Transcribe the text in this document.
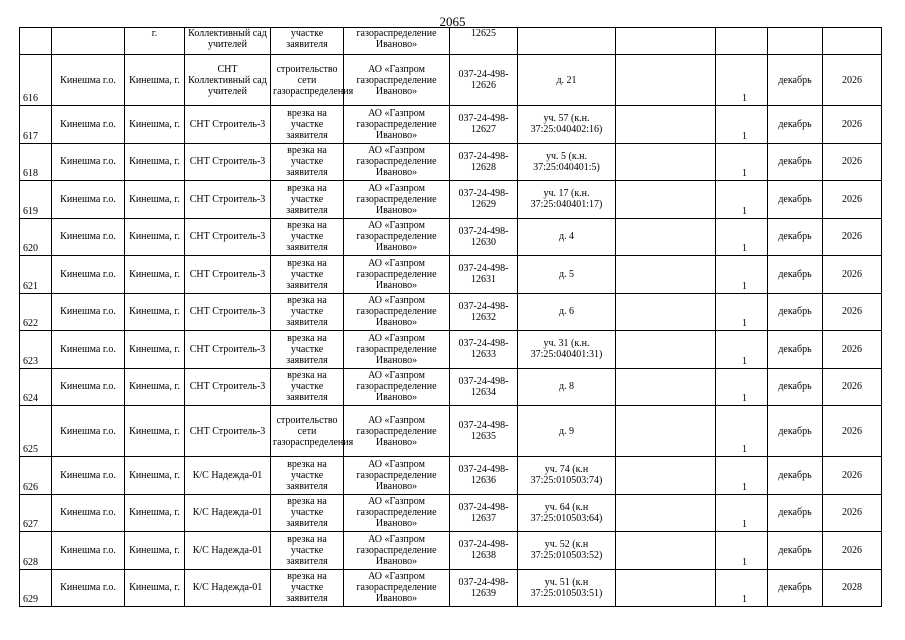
2065
		г.	Коллективный сад учителей	участке заявителя	газораспределение Иваново»	12625					
616	Кинешма г.о.	Кинешма, г.	СНТ Коллективный сад учителей	строительство сети газораспределения	АО «Газпром газораспределение Иваново»	037-24-498-12626	д. 21		1	декабрь	2026
617	Кинешма г.о.	Кинешма, г.	СНТ Строитель-3	врезка на участке заявителя	АО «Газпром газораспределение Иваново»	037-24-498-12627	уч. 57 (к.н. 37:25:040402:16)		1	декабрь	2026
618	Кинешма г.о.	Кинешма, г.	СНТ Строитель-3	врезка на участке заявителя	АО «Газпром газораспределение Иваново»	037-24-498-12628	уч. 5 (к.н. 37:25:040401:5)		1	декабрь	2026
619	Кинешма г.о.	Кинешма, г.	СНТ Строитель-3	врезка на участке заявителя	АО «Газпром газораспределение Иваново»	037-24-498-12629	уч. 17 (к.н. 37:25:040401:17)		1	декабрь	2026
620	Кинешма г.о.	Кинешма, г.	СНТ Строитель-3	врезка на участке заявителя	АО «Газпром газораспределение Иваново»	037-24-498-12630	д. 4		1	декабрь	2026
621	Кинешма г.о.	Кинешма, г.	СНТ Строитель-3	врезка на участке заявителя	АО «Газпром газораспределение Иваново»	037-24-498-12631	д. 5		1	декабрь	2026
622	Кинешма г.о.	Кинешма, г.	СНТ Строитель-3	врезка на участке заявителя	АО «Газпром газораспределение Иваново»	037-24-498-12632	д. 6		1	декабрь	2026
623	Кинешма г.о.	Кинешма, г.	СНТ Строитель-3	врезка на участке заявителя	АО «Газпром газораспределение Иваново»	037-24-498-12633	уч. 31 (к.н. 37:25:040401:31)		1	декабрь	2026
624	Кинешма г.о.	Кинешма, г.	СНТ Строитель-3	врезка на участке заявителя	АО «Газпром газораспределение Иваново»	037-24-498-12634	д. 8		1	декабрь	2026
625	Кинешма г.о.	Кинешма, г.	СНТ Строитель-3	строительство сети газораспределения	АО «Газпром газораспределение Иваново»	037-24-498-12635	д. 9		1	декабрь	2026
626	Кинешма г.о.	Кинешма, г.	К/С Надежда-01	врезка на участке заявителя	АО «Газпром газораспределение Иваново»	037-24-498-12636	уч. 74 (к.н 37:25:010503:74)		1	декабрь	2026
627	Кинешма г.о.	Кинешма, г.	К/С Надежда-01	врезка на участке заявителя	АО «Газпром газораспределение Иваново»	037-24-498-12637	уч. 64 (к.н 37:25:010503:64)		1	декабрь	2026
628	Кинешма г.о.	Кинешма, г.	К/С Надежда-01	врезка на участке заявителя	АО «Газпром газораспределение Иваново»	037-24-498-12638	уч. 52 (к.н 37:25:010503:52)		1	декабрь	2026
629	Кинешма г.о.	Кинешма, г.	К/С Надежда-01	врезка на участке заявителя	АО «Газпром газораспределение Иваново»	037-24-498-12639	уч. 51 (к.н 37:25:010503:51)		1	декабрь	2028
